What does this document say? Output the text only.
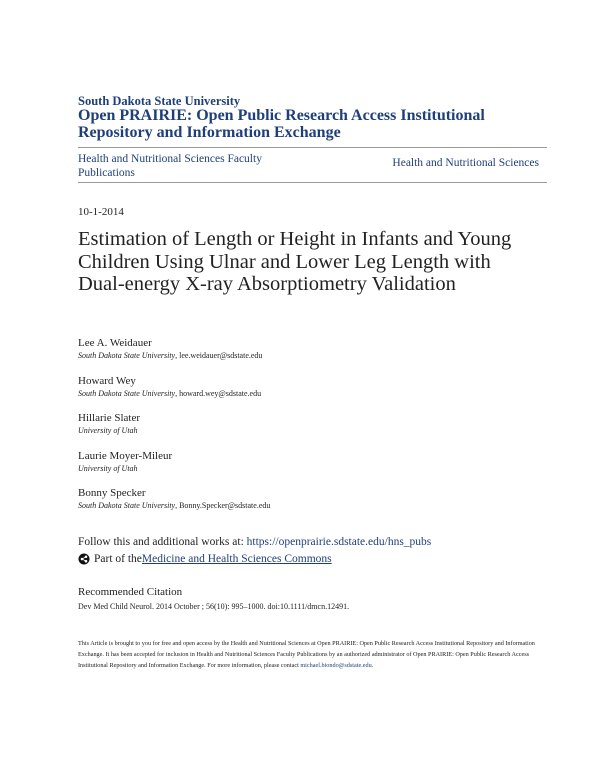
South Dakota State University
Open PRAIRIE: Open Public Research Access Institutional Repository and Information Exchange
Health and Nutritional Sciences Faculty Publications
Health and Nutritional Sciences
10-1-2014
Estimation of Length or Height in Infants and Young Children Using Ulnar and Lower Leg Length with Dual-energy X-ray Absorptiometry Validation
Lee A. Weidauer
South Dakota State University, lee.weidauer@sdstate.edu
Howard Wey
South Dakota State University, howard.wey@sdstate.edu
Hillarie Slater
University of Utah
Laurie Moyer-Mileur
University of Utah
Bonny Specker
South Dakota State University, Bonny.Specker@sdstate.edu
Follow this and additional works at: https://openprairie.sdstate.edu/hns_pubs
Part of the Medicine and Health Sciences Commons
Recommended Citation
Dev Med Child Neurol. 2014 October ; 56(10): 995–1000. doi:10.1111/dmcn.12491.
This Article is brought to you for free and open access by the Health and Nutritional Sciences at Open PRAIRIE: Open Public Research Access Institutional Repository and Information Exchange. It has been accepted for inclusion in Health and Nutritional Sciences Faculty Publications by an authorized administrator of Open PRAIRIE: Open Public Research Access Institutional Repository and Information Exchange. For more information, please contact michael.biondo@sdstate.edu.
